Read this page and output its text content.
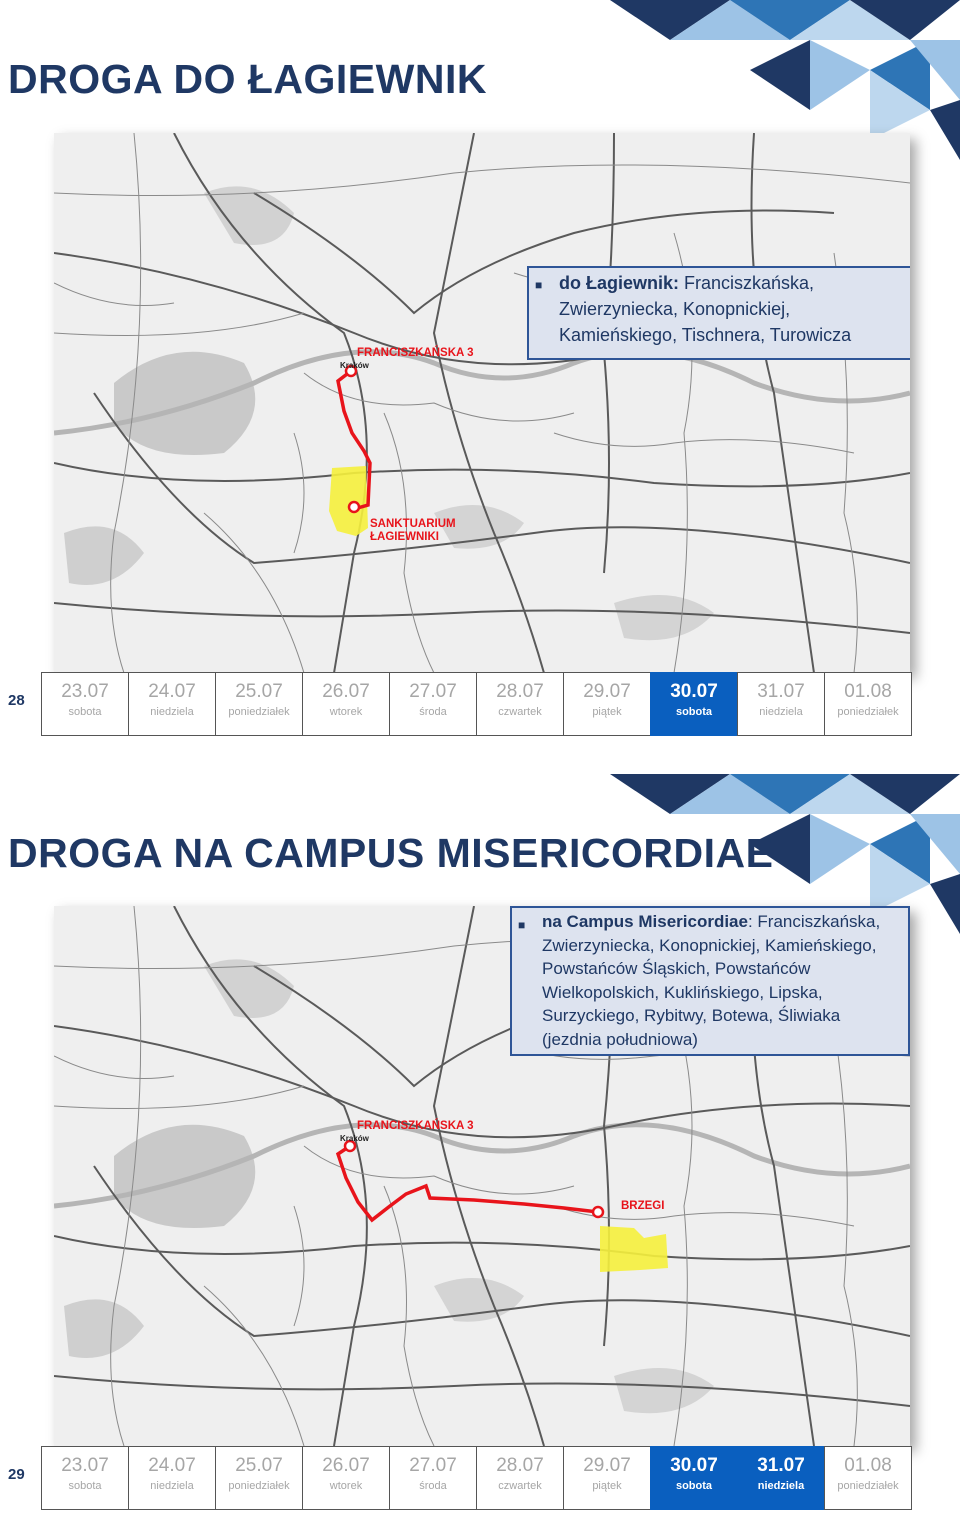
DROGA DO ŁAGIEWNIK
FRANCISZKAŃSKA 3
Kraków
SANKTUARIUM
ŁAGIEWNIKI
■ do Łagiewnik: Franciszkańska, Zwierzyniecka, Konopnickiej, Kamieńskiego, Tischnera, Turowicza

28	23.07
sobota
24.07
niedziela
25.07
poniedziałek
26.07
wtorek
27.07
środa
28.07
czwartek
29.07
piątek
30.07
sobota
31.07
niedziela
01.08
poniedziałek
DROGA NA CAMPUS MISERICORDIAE
FRANCISZKAŃSKA 3
Kraków
BRZEGI
■ na Campus Misericordiae: Franciszkańska, Zwierzyniecka, Konopnickiej, Kamieńskiego, Powstańców Śląskich, Powstańców Wielkopolskich, Kuklińskiego, Lipska, Surzyckiego, Rybitwy, Botewa, Śliwiaka (jezdnia południowa)

29	23.07
sobota
24.07
niedziela
25.07
poniedziałek
26.07
wtorek
27.07
środa
28.07
czwartek
29.07
piątek
30.07
sobota
31.07
niedziela
01.08
poniedziałek
